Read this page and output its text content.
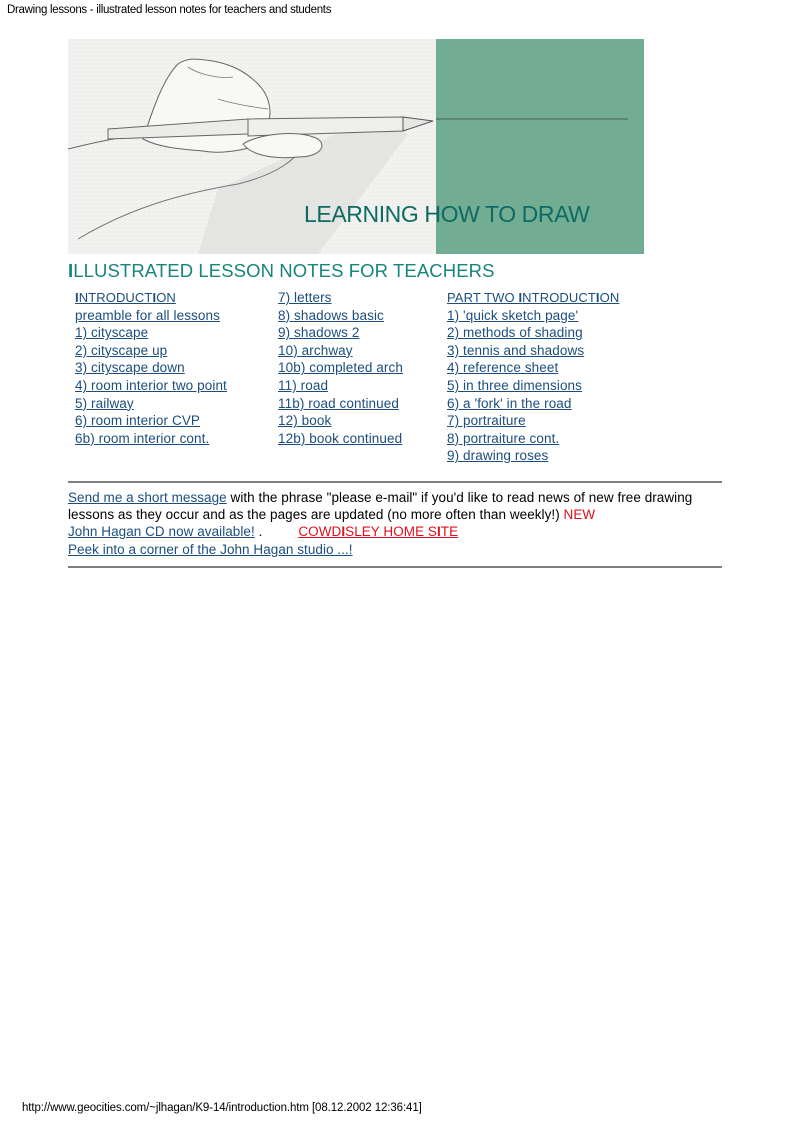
Drawing lessons - illustrated lesson notes for teachers and students
LEARNING HOW TO DRAW
ILLUSTRATED LESSON NOTES FOR TEACHERS
INTRODUCTION
preamble for all lessons
1) cityscape
2) cityscape up
3) cityscape down
4) room interior two point
5) railway
6) room interior CVP
6b) room interior cont.
7) letters
8) shadows basic
9) shadows 2
10) archway
10b) completed arch
11) road
11b) road continued
12) book
12b) book continued
PART TWO INTRODUCTION
1) 'quick sketch page'
2) methods of shading
3) tennis and shadows
4) reference sheet
5) in three dimensions
6) a 'fork' in the road
7) portraiture
8) portraiture cont.
9) drawing roses
Send me a short message with the phrase "please e-mail" if you'd like to read news of new free drawing lessons as they occur and as the pages are updated (no more often than weekly!) NEW
John Hagan CD now available! .	COWDISLEY HOME SITE
Peek into a corner of the John Hagan studio ...!
http://www.geocities.com/~jlhagan/K9-14/introduction.htm [08.12.2002 12:36:41]
